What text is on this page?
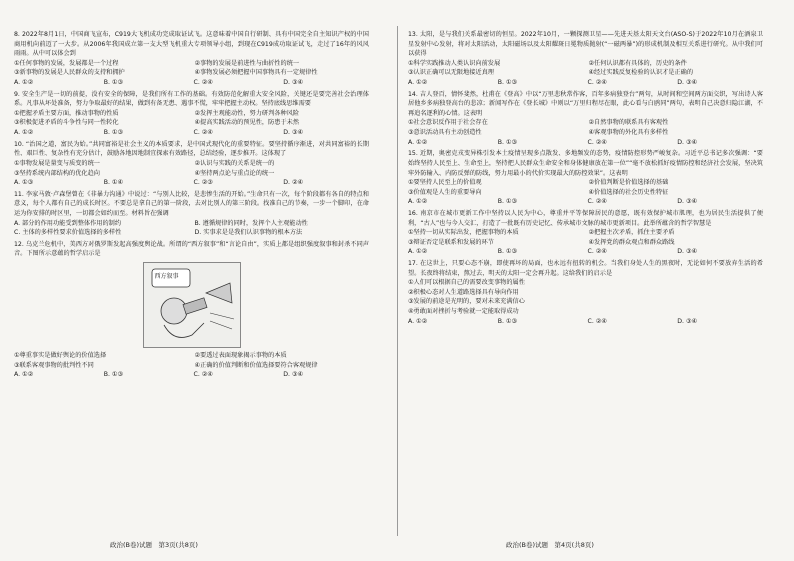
8. 2022年8月1日，中国商飞宣布，C919大飞机成功完成取证试飞。这意味着中国自行研制、具有中国完全自主知识产权的中国商用机向前迈了一大步。从2006年我国成立第一支大型飞机重大专项领导小组，到现在C919成功取证试飞，走过了16年的风风雨雨。从中可以体会到
①任何事物的发展，发展都是一个过程	②事物的发展是前进性与曲折性的统一
③新事物的发展是人民群众的支持和拥护	④事物发展必须把握中国事物具有一定规律性
A. ①②	B. ①③	C. ②④	D. ③④
9. 安全生产是一切的前提，没有安全的保障，是我们所有工作的基础。有效防范化解重大安全风险，关键还是要完善社会治理体系。凡事从坏处准备，努力争取最好的结果，做到有备无患、遇事不慌，牢牢把握主动权。坚持底线思维需要
①把握矛盾主要方面，推动事物的性质	②发挥主观能动性，努力研判各种风险
③积极促进矛盾的斗争性与同一性转化	④提高实践活动的预见性，防患于未然
A. ①②	B. ①③	C. ②④	D. ③④
10. “治国之道，富民为始。”共同富裕是社会主义的本质要求，是中国式现代化的重要特征。要坚持循序渐进，对共同富裕的长期性、艰巨性、复杂性有充分估计，鼓励各地因地制宜探索有效路径，总结经验，逐步推开。这体现了
①事物发展是量变与质变的统一	②认识与实践的关系是统一的
③坚持系统内部结构的优化趋向	④坚持两点论与重点论的统一
A. ①③	B. ①④	C. ②③	D. ②④
11. 李家马敦·卢森堡曾在《非暴力沟通》中说过：“与别人比较，是悲惨生活的开始。”生命只有一次，每个阶段都有各自的特点和意义，每个人都有自己的成长时区。不要总是拿自己的第一阶段，去对比别人的第三阶段。找准自己的节奏，一步一个脚印，在命运为你安排的时区里，一切都会如约而至。材料旨在强调
A. 部分的作用功能受到整体作用的制约	B. 遵循规律的同时，发挥个人主观能动性
C. 主体的多样性要求价值选择的多样性	D. 实事求是是我们认识事物的根本方法
12. 乌克兰危机中，美西方对俄罗斯发起高强度舆论战。所谓的“西方叙事”和“言论自由”，实质上都是组织强度叙事和封杀不同声音。下图所示意蕴的哲学启示是
西方叙事
①尊重事实是做好舆论的价值选择	②要透过表面现象揭示事物的本质
③联系客观事物的批判性不同	④正确的价值判断和价值选择要符合客观规律
A. ①②	B. ①③	C. ②④	D. ③④
13. 太阳，是与我们关系最密切的恒星。2022年10月，一颗探测卫星——先进天基太阳天文台(ASO-S)于2022年10月在酒泉卫星发射中心发射，将对太阳活动，太阳磁场以及太阳耀斑日冕物质抛射(“一磁两暴”)的形成机制及相互关系进行研究。从中我们可以获得
①科学实践推动人类认识向前发展	②任何认识都有具体的，历史的条件
③认识正确可以无限地接近真理	④经过实践反复检验的认识才是正确的
A. ①②	B. ①③	C. ②④	D. ③④
14. 吉人登百，情怀斐然，杜甫在《登高》中以“万里悲秋常作客，百年多病独登台”两句，从时间和空间两方面交织，写出诗人客居他乡多病独登高台的悲凉；新闻写作在《登长城》中则以“万里归程尽在眼，此心看与白鸥同”两句，表明自己决意归隐江湖，不再追名逐利的心情。这表明
①社会意识反作用于社会存在	②自然事物的联系具有客观性
③意识活动具有主动创造性	④客观事物的外化具有多样性
A. ①②	B. ①③	C. ②④	D. ③④
15. 近期，奥密克戎变异株引发本土疫情呈现多点散发、多地频发的态势，疫情防控形势严峻复杂。习近平总书记多次强调：“要始终坚持人民至上、生命至上，坚持把人民群众生命安全和身体健康放在第一位”“毫不放松抓好疫情防控和经济社会发展，坚决筑牢外防输入、内防反弹的防线，努力用最小的代价实现最大的防控效果”。这表明
①要坚持人民至上的价值观	②价值判断是价值选择的基础
③价值观是人生的重要导向	④价值选择的社会历史性特征
A. ①②	B. ①③	C. ②④	D. ③④
16. 南京市在城市更新工作中坚持以人民为中心，尊重并平等保障居民的意愿，既有效保护城市肌理，也为居民生活提供了便利，“古人”也与今人交汇，打造了一批既有历史记忆、传承城市文脉的城市更新项目。此举所蕴含的哲学智慧是
①坚持一切从实际出发，把握事物的本质	②把握主次矛盾，抓住主要矛盾
③辩证否定是联系和发展的环节	④发挥党的群众观点和群众路线
A. ①②	B. ①③	C. ②④	D. ③④
17. 在这世上，只要心态不崩，即使再坏的局面，也永远有扭转的机会。当我们身处人生的黑夜时，无论如何不要放弃生活的希望。长夜终将结束，熬过去，明天的太阳一定会再升起。这给我们的启示是
①人们可以根据自己的需要改变事物的属性
②积极心态对人生道路选择具有导向作用
③发展的前途是光明的，要对未来充满信心
④勇敢面对挫折与考验就一定能取得成功
A. ①②	B. ①③	C. ②④	D. ③④
政治(B卷)试题　第3页(共8页)	政治(B卷)试题　第4页(共8页)
